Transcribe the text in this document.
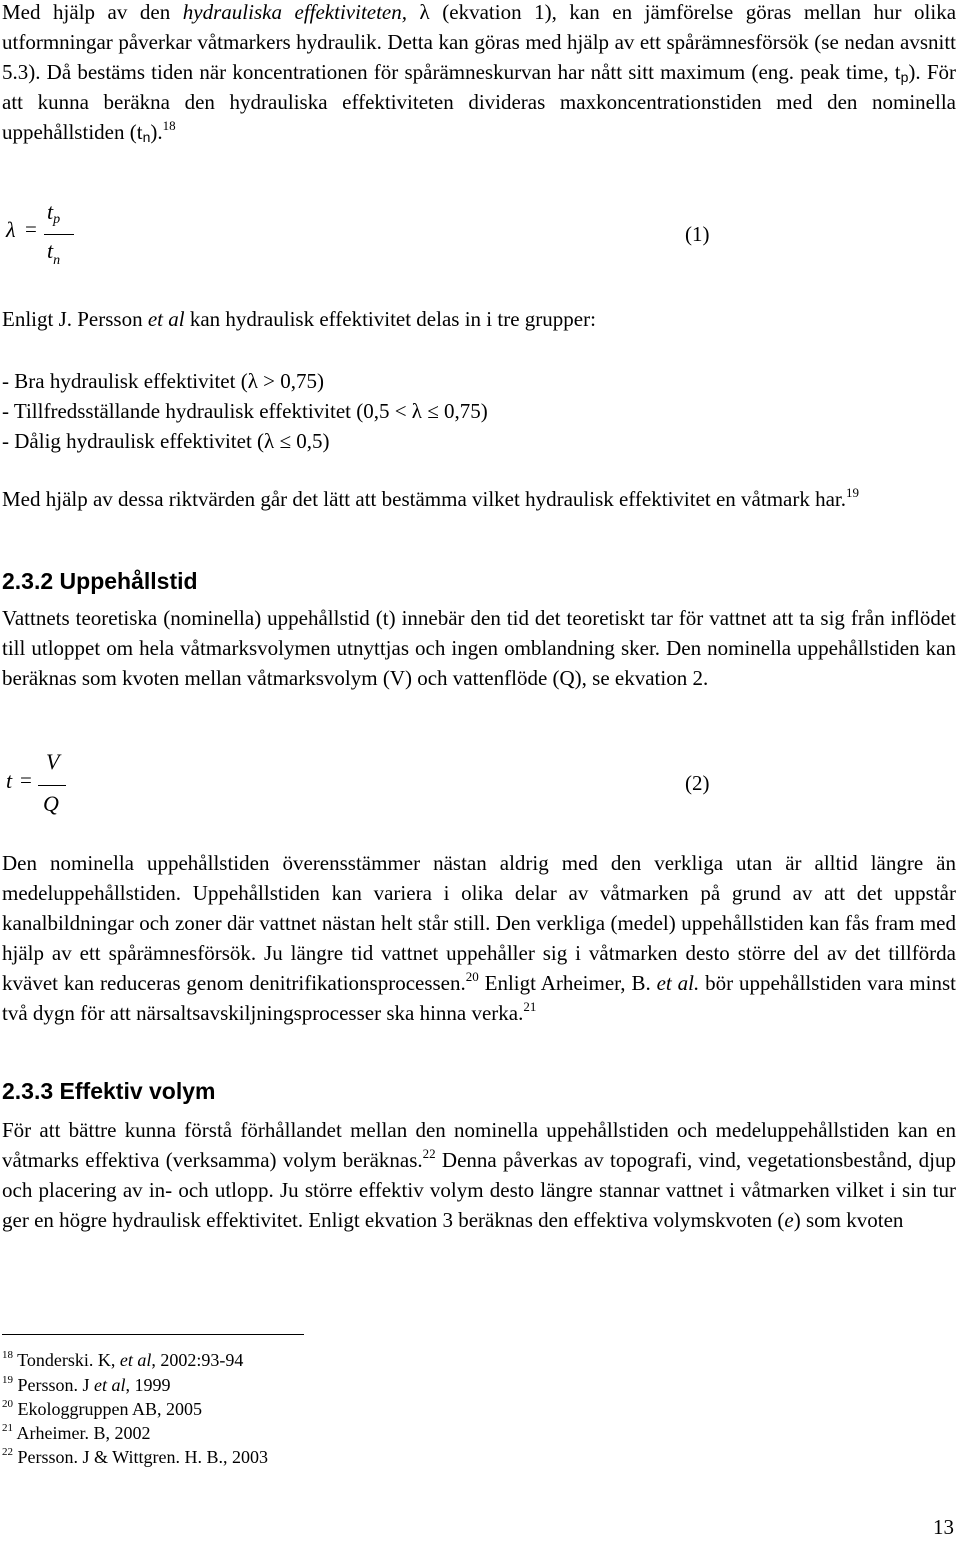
Med hjälp av den hydrauliska effektiviteten, λ (ekvation 1), kan en jämförelse göras mellan hur olika utformningar påverkar våtmarkers hydraulik. Detta kan göras med hjälp av ett spårämnesförsök (se nedan avsnitt 5.3). Då bestäms tiden när koncentrationen för spårämneskurvan har nått sitt maximum (eng. peak time, $t_p$). För att kunna beräkna den hydrauliska effektiviteten divideras maxkoncentrationstiden med den nominella uppehållstiden $(t_n).^{18}$
λ =
$t_p$
$t_n$
(1)
Enligt J. Persson et al kan hydraulisk effektivitet delas in i tre grupper:
- Bra hydraulisk effektivitet (λ > 0,75)
- Tillfredsställande hydraulisk effektivitet (0,5 < λ ≤ 0,75)
- Dålig hydraulisk effektivitet (λ ≤ 0,5)
Med hjälp av dessa riktvärden går det lätt att bestämma vilket hydraulisk effektivitet en våtmark har.$^{19}$
2.3.2 Uppehållstid
Vattnets teoretiska (nominella) uppehållstid (t) innebär den tid det teoretiskt tar för vattnet att ta sig från inflödet till utloppet om hela våtmarksvolymen utnyttjas och ingen omblandning sker. Den nominella uppehållstiden kan beräknas som kvoten mellan våtmarksvolym (V) och vattenflöde (Q), se ekvation 2.
t =
V
Q
(2)
Den nominella uppehållstiden överensstämmer nästan aldrig med den verkliga utan är alltid längre än medeluppehållstiden. Uppehållstiden kan variera i olika delar av våtmarken på grund av att det uppstår kanalbildningar och zoner där vattnet nästan helt står still. Den verkliga (medel) uppehållstiden kan fås fram med hjälp av ett spårämnesförsök. Ju längre tid vattnet uppehåller sig i våtmarken desto större del av det tillförda kvävet kan reduceras genom denitrifikationsprocessen.$^{20}$ Enligt Arheimer, B. et al. bör uppehållstiden vara minst två dygn för att närsaltsavskiljningsprocesser ska hinna verka.$^{21}$
2.3.3 Effektiv volym
För att bättre kunna förstå förhållandet mellan den nominella uppehållstiden och medeluppehållstiden kan en våtmarks effektiva (verksamma) volym beräknas.$^{22}$ Denna påverkas av topografi, vind, vegetationsbestånd, djup och placering av in- och utlopp. Ju större effektiv volym desto längre stannar vattnet i våtmarken vilket i sin tur ger en högre hydraulisk effektivitet. Enligt ekvation 3 beräknas den effektiva volymskvoten (e) som kvoten
$^{18}$ Tonderski. K, et al, 2002:93-94
$^{19}$ Persson. J et al, 1999
$^{20}$ Ekologgruppen AB, 2005
$^{21}$ Arheimer. B, 2002
$^{22}$ Persson. J & Wittgren. H. B., 2003
13
